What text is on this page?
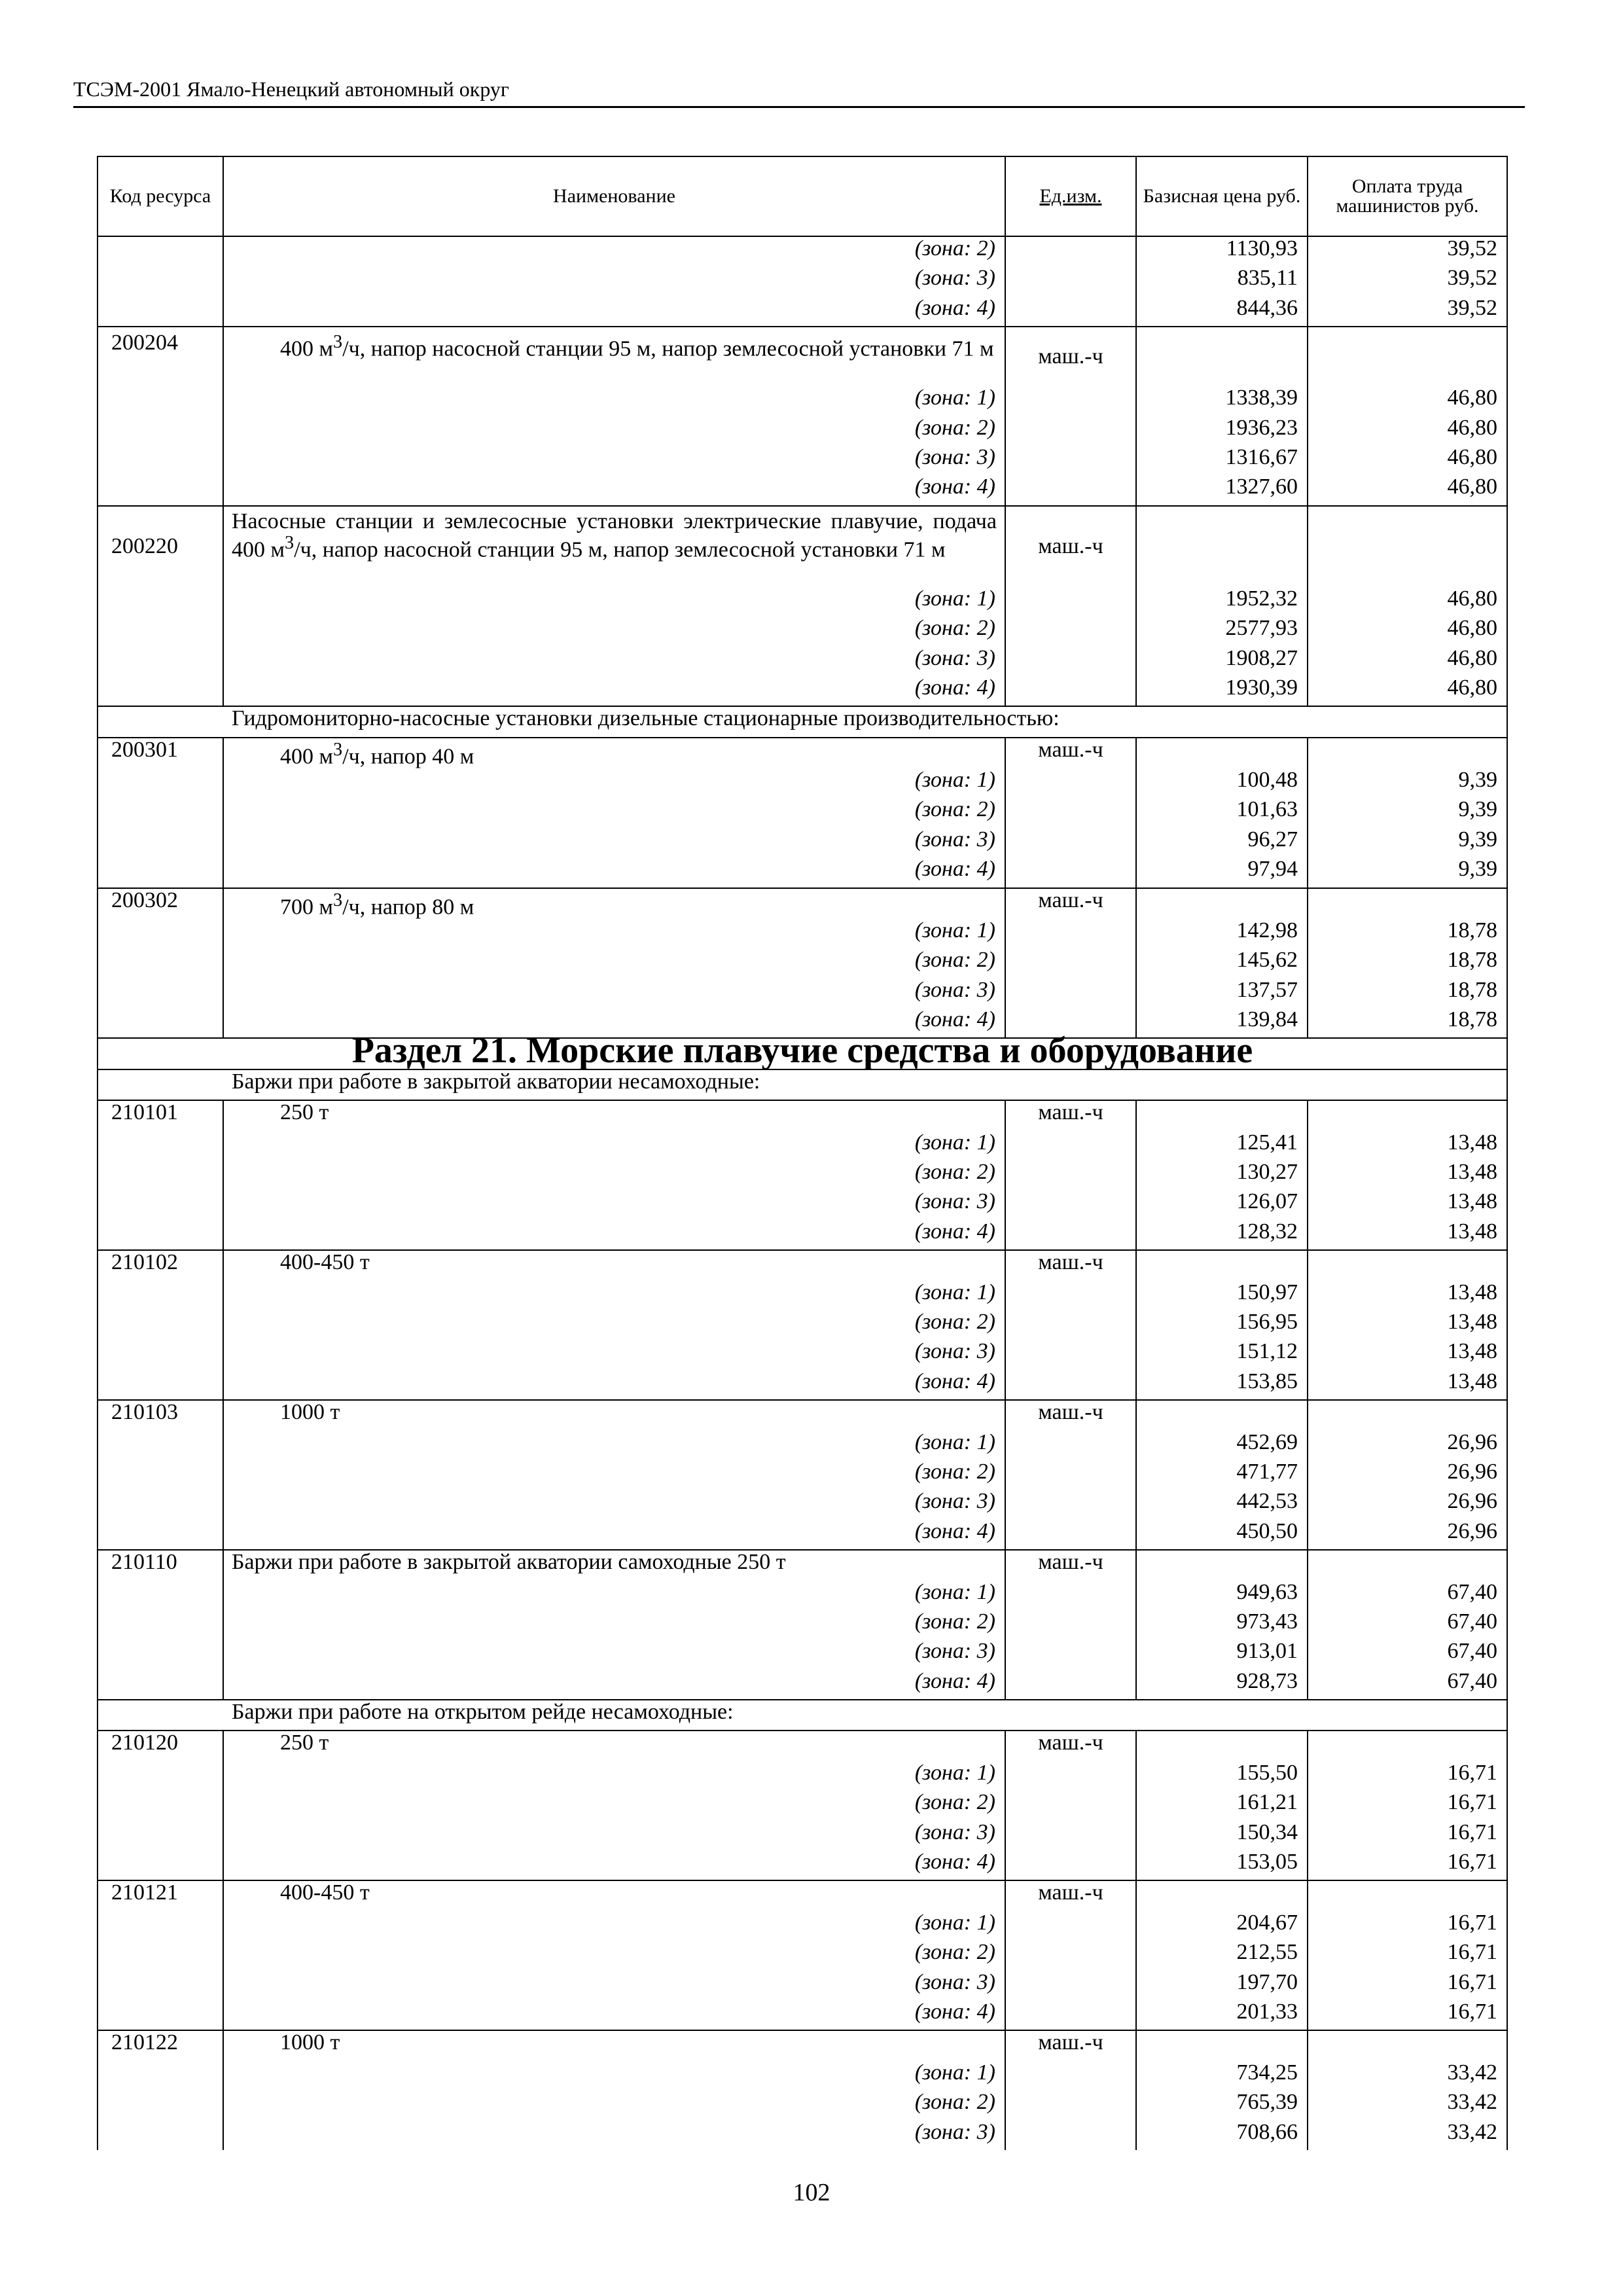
ТСЭМ-2001 Ямало-Ненецкий автономный округ
Код ресурса	Наименование	Ед.изм.	Базисная цена руб.	Оплата труда машинистов руб.
	(зона: 2)		1130,93	39,52
	(зона: 3)		835,11	39,52
	(зона: 4)		844,36	39,52
200204	400 $м^3/ч$, напор насосной станции 95 м, напор землесосной установки 71 м	маш.-ч		
	(зона: 1)		1338,39	46,80
	(зона: 2)		1936,23	46,80
	(зона: 3)		1316,67	46,80
	(зона: 4)		1327,60	46,80
200220	Насосные станции и землесосные установки электрические плавучие, подача 400 $м^3/ч$, напор насосной станции 95 м, напор землесосной установки 71 м	маш.-ч		
	(зона: 1)		1952,32	46,80
	(зона: 2)		2577,93	46,80
	(зона: 3)		1908,27	46,80
	(зона: 4)		1930,39	46,80
Гидромониторно-насосные установки дизельные стационарные производительностью:				
200301	400 $м^3/ч$, напор 40 м	маш.-ч		
	(зона: 1)		100,48	9,39
	(зона: 2)		101,63	9,39
	(зона: 3)		96,27	9,39
	(зона: 4)		97,94	9,39
200302	700 $м^3/ч$, напор 80 м	маш.-ч		
	(зона: 1)		142,98	18,78
	(зона: 2)		145,62	18,78
	(зона: 3)		137,57	18,78
	(зона: 4)		139,84	18,78
Раздел 21. Морские плавучие средства и оборудование				
Баржи при работе в закрытой акватории несамоходные:				
210101	250 т	маш.-ч		
	(зона: 1)		125,41	13,48
	(зона: 2)		130,27	13,48
	(зона: 3)		126,07	13,48
	(зона: 4)		128,32	13,48
210102	400-450 т	маш.-ч		
	(зона: 1)		150,97	13,48
	(зона: 2)		156,95	13,48
	(зона: 3)		151,12	13,48
	(зона: 4)		153,85	13,48
210103	1000 т	маш.-ч		
	(зона: 1)		452,69	26,96
	(зона: 2)		471,77	26,96
	(зона: 3)		442,53	26,96
	(зона: 4)		450,50	26,96
210110	Баржи при работе в закрытой акватории самоходные 250 т	маш.-ч		
	(зона: 1)		949,63	67,40
	(зона: 2)		973,43	67,40
	(зона: 3)		913,01	67,40
	(зона: 4)		928,73	67,40
Баржи при работе на открытом рейде несамоходные:				
210120	250 т	маш.-ч		
	(зона: 1)		155,50	16,71
	(зона: 2)		161,21	16,71
	(зона: 3)		150,34	16,71
	(зона: 4)		153,05	16,71
210121	400-450 т	маш.-ч		
	(зона: 1)		204,67	16,71
	(зона: 2)		212,55	16,71
	(зона: 3)		197,70	16,71
	(зона: 4)		201,33	16,71
210122	1000 т	маш.-ч		
	(зона: 1)		734,25	33,42
	(зона: 2)		765,39	33,42
	(зона: 3)		708,66	33,42
102
